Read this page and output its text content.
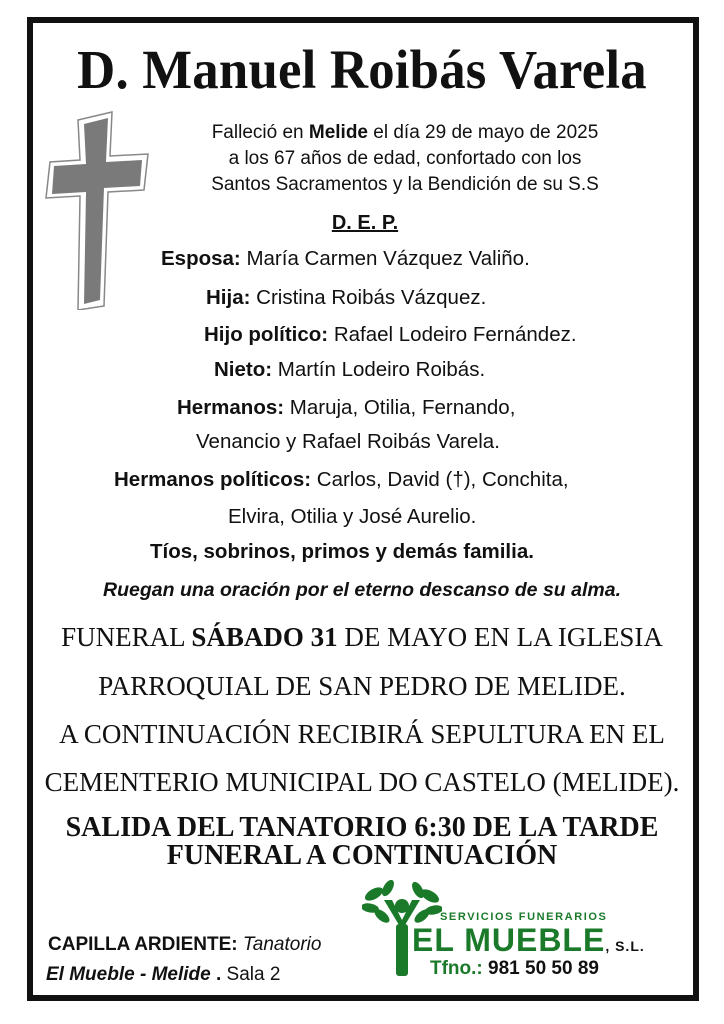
D. Manuel Roibás Varela
Falleció en Melide el día 29 de mayo de 2025
a los 67 años de edad, confortado con los
Santos Sacramentos y la Bendición de su S.S
D. E. P.
Esposa: María Carmen Vázquez Valiño.
Hija: Cristina Roibás Vázquez.
Hijo político: Rafael Lodeiro Fernández.
Nieto: Martín Lodeiro Roibás.
Hermanos: Maruja, Otilia, Fernando,
Venancio y Rafael Roibás Varela.
Hermanos políticos: Carlos, David (†), Conchita,
Elvira, Otilia y José Aurelio.
Tíos, sobrinos, primos y demás familia.
Ruegan una oración por el eterno descanso de su alma.
FUNERAL SÁBADO 31 DE MAYO EN LA IGLESIA
PARROQUIAL DE SAN PEDRO DE MELIDE.
A CONTINUACIÓN RECIBIRÁ SEPULTURA EN EL
CEMENTERIO MUNICIPAL DO CASTELO (MELIDE).
SALIDA DEL TANATORIO 6:30 DE LA TARDE
FUNERAL A CONTINUACIÓN
CAPILLA ARDIENTE: Tanatorio
El Mueble - Melide . Sala 2
SERVICIOS FUNERARIOS
EL MUEBLE, S.L.
Tfno.: 981 50 50 89
